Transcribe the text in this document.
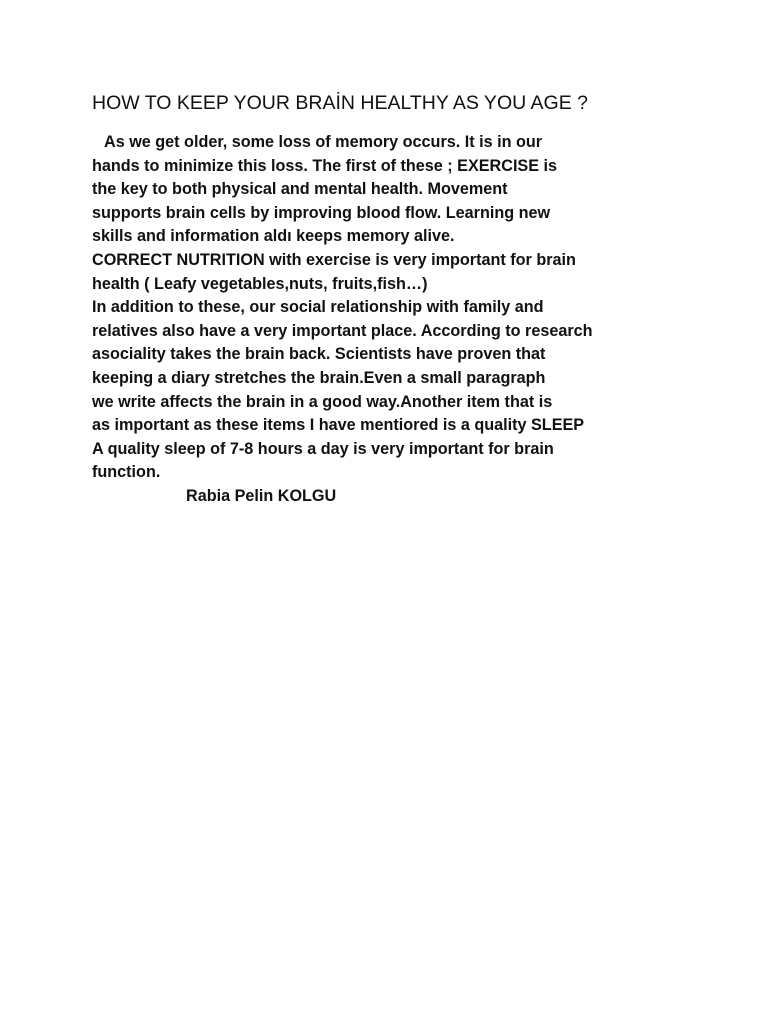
HOW TO KEEP YOUR BRAİN HEALTHY AS YOU AGE ?
As we get older, some loss of memory occurs. It is in our
hands to minimize this loss. The first of these ; EXERCISE is
the key to both physical and mental health. Movement
supports brain cells by improving blood flow. Learning new
skills and information aldı keeps memory alive.
CORRECT NUTRITION with exercise is very important for brain
health ( Leafy vegetables,nuts, fruits,fish…)
In addition to these, our social relationship with family and
relatives also have a very important place. According to research
asociality takes the brain back. Scientists have proven that
keeping a diary stretches the brain.Even a small paragraph
we write affects the brain in a good way.Another item that is
as important as these items I have mentiored is a quality SLEEP
A quality sleep of 7-8 hours a day is very important for brain
function.
Rabia Pelin KOLGU
